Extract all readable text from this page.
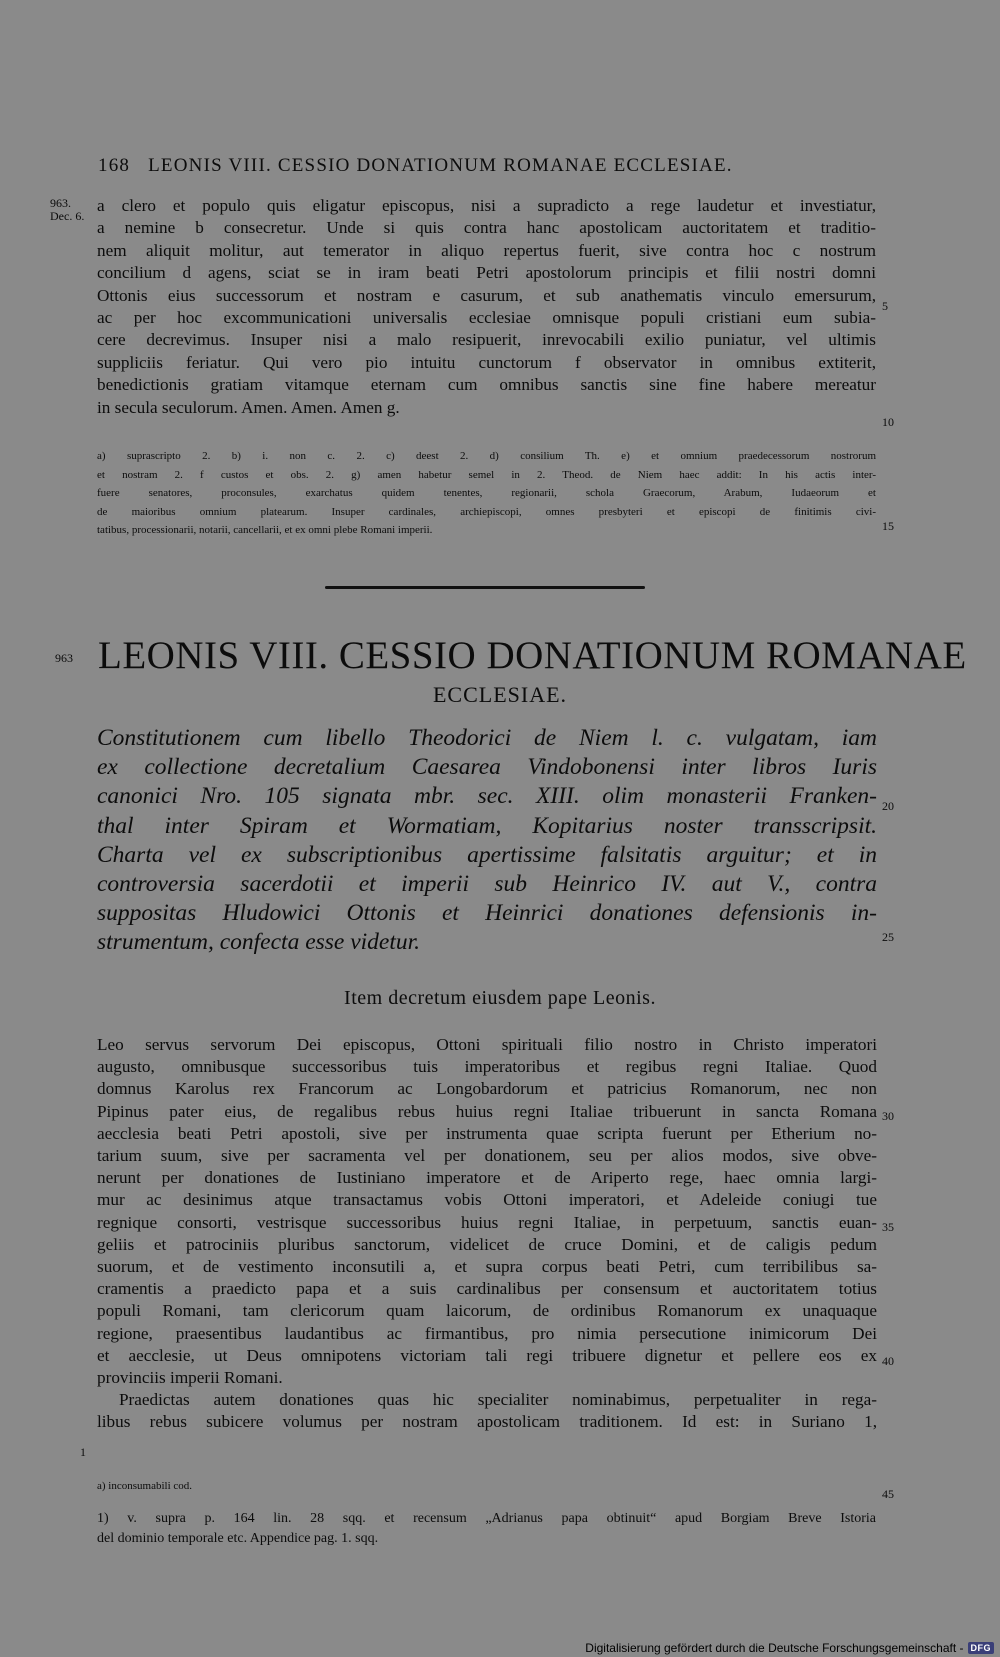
168 LEONIS VIII. CESSIO DONATIONUM ROMANAE ECCLESIAE.
963.
Dec. 6.
a clero et populo quis eligatur episcopus, nisi a supradicto a rege laudetur et investiatur,
a nemine b consecretur. Unde si quis contra hanc apostolicam auctoritatem et traditio-
nem aliquit molitur, aut temerator in aliquo repertus fuerit, sive contra hoc c nostrum
concilium d agens, sciat se in iram beati Petri apostolorum principis et filii nostri domni
Ottonis eius successorum et nostram e casurum, et sub anathematis vinculo emersurum,
ac per hoc excommunicationi universalis ecclesiae omnisque populi cristiani eum subia-
cere decrevimus. Insuper nisi a malo resipuerit, inrevocabili exilio puniatur, vel ultimis
suppliciis feriatur. Qui vero pio intuitu cunctorum f observator in omnibus extiterit,
benedictionis gratiam vitamque eternam cum omnibus sanctis sine fine habere mereatur
in secula seculorum. Amen. Amen. Amen g.
5
10
a) suprascripto 2. b) i. non c. 2. c) deest 2. d) consilium Th. e) et omnium praedecessorum nostrorum
et nostram 2. f custos et obs. 2. g) amen habetur semel in 2. Theod. de Niem haec addit: In his actis inter-
fuere senatores, proconsules, exarchatus quidem tenentes, regionarii, schola Graecorum, Arabum, Iudaeorum et
de maioribus omnium platearum. Insuper cardinales, archiepiscopi, omnes presbyteri et episcopi de finitimis civi-
tatibus, processionarii, notarii, cancellarii, et ex omni plebe Romani imperii.	15
963 LEONIS VIII. CESSIO DONATIONUM ROMANAE
ECCLESIAE.
Constitutionem cum libello Theodorici de Niem l. c. vulgatam, iam
ex collectione decretalium Caesarea Vindobonensi inter libros Iuris
canonici Nro. 105 signata mbr. sec. XIII. olim monasterii Franken-
thal inter Spiram et Wormatiam, Kopitarius noster transscripsit.
Charta vel ex subscriptionibus apertissime falsitatis arguitur; et in
controversia sacerdotii et imperii sub Heinrico IV. aut V., contra
suppositas Hludowici Ottonis et Heinrici donationes defensionis in-
strumentum, confecta esse videtur.
20
25
Item decretum eiusdem pape Leonis.
Leo servus servorum Dei episcopus, Ottoni spirituali filio nostro in Christo imperatori
augusto, omnibusque successoribus tuis imperatoribus et regibus regni Italiae. Quod
domnus Karolus rex Francorum ac Longobardorum et patricius Romanorum, nec non
Pipinus pater eius, de regalibus rebus huius regni Italiae tribuerunt in sancta Romana
aecclesia beati Petri apostoli, sive per instrumenta quae scripta fuerunt per Etherium no-
tarium suum, sive per sacramenta vel per donationem, seu per alios modos, sive obve-
nerunt per donationes de Iustiniano imperatore et de Ariperto rege, haec omnia largi-
mur ac desinimus atque transactamus vobis Ottoni imperatori, et Adeleide coniugi tue
regnique consorti, vestrisque successoribus huius regni Italiae, in perpetuum, sanctis euan-
geliis et patrociniis pluribus sanctorum, videlicet de cruce Domini, et de caligis pedum
suorum, et de vestimento inconsutili a, et supra corpus beati Petri, cum terribilibus sa-
cramentis a praedicto papa et a suis cardinalibus per consensum et auctoritatem totius
populi Romani, tam clericorum quam laicorum, de ordinibus Romanorum ex unaquaque
regione, praesentibus laudantibus ac firmantibus, pro nimia persecutione inimicorum Dei
et aecclesie, ut Deus omnipotens victoriam tali regi tribuere dignetur et pellere eos ex
provinciis imperii Romani.
Praedictas autem donationes quas hic specialiter nominabimus, perpetualiter in rega-
libus rebus subicere volumus per nostram apostolicam traditionem. Id est: in Suriano 1,
30
35
40
1
a) inconsumabili cod.
45
1) v. supra p. 164 lin. 28 sqq. et recensum „Adrianus papa obtinuit“ apud Borgiam Breve Istoria
del dominio temporale etc. Appendice pag. 1. sqq.
Digitalisierung gefördert durch die Deutsche Forschungsgemeinschaft - DFG
